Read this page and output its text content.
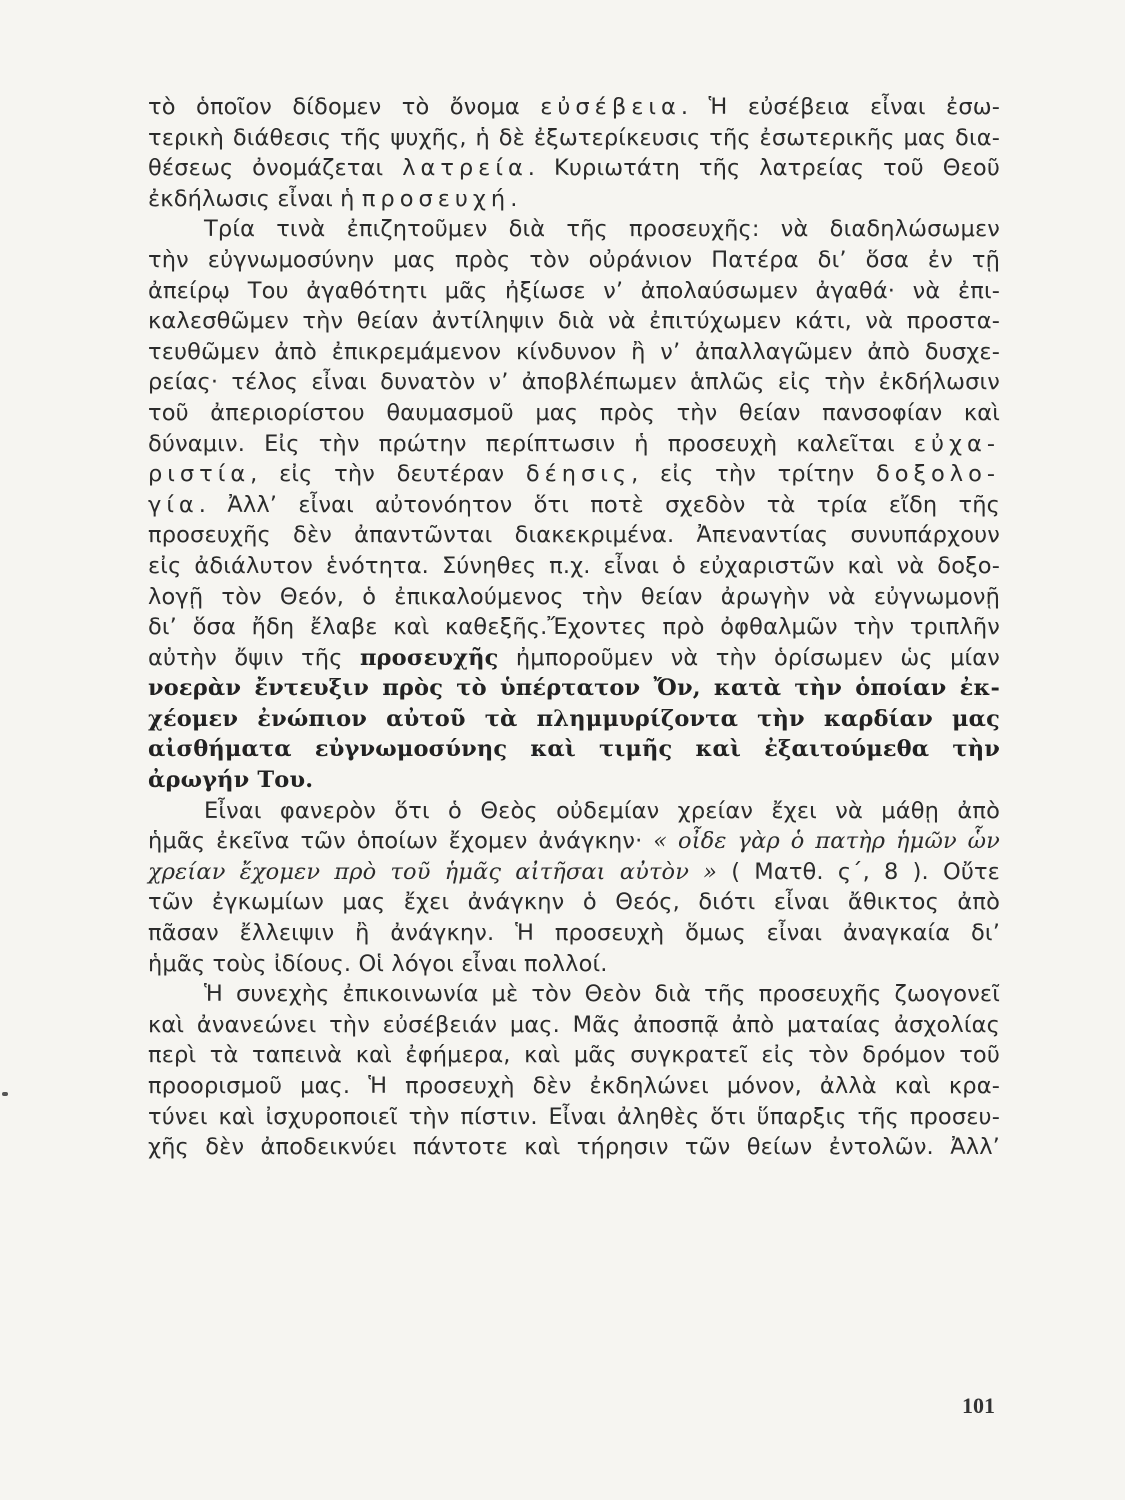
τὸ ὁποῖον δίδομεν τὸ ὄνομα εὐσέβεια. Ἡ εὐσέβεια εἶναι ἐσω-
τερικὴ διάθεσις τῆς ψυχῆς, ἡ δὲ ἐξωτερίκευσις τῆς ἐσωτερικῆς μας δια-
θέσεως ὀνομάζεται λατρεία. Κυριωτάτη τῆς λατρείας τοῦ Θεοῦ
ἐκδήλωσις εἶναι ἡ προσευχή.
Τρία τινὰ ἐπιζητοῦμεν διὰ τῆς προσευχῆς: νὰ διαδηλώσωμεν
τὴν εὐγνωμοσύνην μας πρὸς τὸν οὐράνιον Πατέρα δι’ ὅσα ἐν τῇ
ἀπείρῳ Του ἀγαθότητι μᾶς ἠξίωσε ν’ ἀπολαύσωμεν ἀγαθά· νὰ ἐπι-
καλεσθῶμεν τὴν θείαν ἀντίληψιν διὰ νὰ ἐπιτύχωμεν κάτι, νὰ προστα-
τευθῶμεν ἀπὸ ἐπικρεμάμενον κίνδυνον ἢ ν’ ἀπαλλαγῶμεν ἀπὸ δυσχε-
ρείας· τέλος εἶναι δυνατὸν ν’ ἀποβλέπωμεν ἁπλῶς εἰς τὴν ἐκδήλωσιν
τοῦ ἀπεριορίστου θαυμασμοῦ μας πρὸς τὴν θείαν πανσοφίαν καὶ
δύναμιν. Εἰς τὴν πρώτην περίπτωσιν ἡ προσευχὴ καλεῖται εὐχα-
ριστία, εἰς τὴν δευτέραν δέησις, εἰς τὴν τρίτην δοξολο-
γία. Ἀλλ’ εἶναι αὐτονόητον ὅτι ποτὲ σχεδὸν τὰ τρία εἴδη τῆς
προσευχῆς δὲν ἀπαντῶνται διακεκριμένα. Ἀπεναντίας συνυπάρχουν
εἰς ἀδιάλυτον ἑνότητα. Σύνηθες π.χ. εἶναι ὁ εὐχαριστῶν καὶ νὰ δοξο-
λογῇ τὸν Θεόν, ὁ ἐπικαλούμενος τὴν θείαν ἀρωγὴν νὰ εὐγνωμονῇ
δι’ ὅσα ἤδη ἔλαβε καὶ καθεξῆς.Ἔχοντες πρὸ ὀφθαλμῶν τὴν τριπλῆν
αὐτὴν ὄψιν τῆς προσευχῆς ἠμποροῦμεν νὰ τὴν ὁρίσωμεν ὡς μίαν
νοερὰν ἔντευξιν πρὸς τὸ ὑπέρτατον Ὄν, κατὰ τὴν ὁποίαν ἐκ-
χέομεν ἐνώπιον αὐτοῦ τὰ πλημμυρίζοντα τὴν καρδίαν μας
αἰσθήματα εὐγνωμοσύνης καὶ τιμῆς καὶ ἐξαιτούμεθα τὴν
ἀρωγήν Του.
Εἶναι φανερὸν ὅτι ὁ Θεὸς οὐδεμίαν χρείαν ἔχει νὰ μάθῃ ἀπὸ
ἡμᾶς ἐκεῖνα τῶν ὁποίων ἔχομεν ἀνάγκην· « οἶδε γὰρ ὁ πατὴρ ἡμῶν ὧν
χρείαν ἔχομεν πρὸ τοῦ ἡμᾶς αἰτῆσαι αὐτὸν » ( Ματθ. ς΄, 8 ). Οὔτε
τῶν ἐγκωμίων μας ἔχει ἀνάγκην ὁ Θεός, διότι εἶναι ἄθικτος ἀπὸ
πᾶσαν ἔλλειψιν ἢ ἀνάγκην. Ἡ προσευχὴ ὅμως εἶναι ἀναγκαία δι’
ἡμᾶς τοὺς ἰδίους. Οἱ λόγοι εἶναι πολλοί.
Ἡ συνεχὴς ἐπικοινωνία μὲ τὸν Θεὸν διὰ τῆς προσευχῆς ζωογονεῖ
καὶ ἀνανεώνει τὴν εὐσέβειάν μας. Μᾶς ἀποσπᾷ ἀπὸ ματαίας ἀσχολίας
περὶ τὰ ταπεινὰ καὶ ἐφήμερα, καὶ μᾶς συγκρατεῖ εἰς τὸν δρόμον τοῦ
προορισμοῦ μας. Ἡ προσευχὴ δὲν ἐκδηλώνει μόνον, ἀλλὰ καὶ κρα-
τύνει καὶ ἰσχυροποιεῖ τὴν πίστιν. Εἶναι ἀληθὲς ὅτι ὕπαρξις τῆς προσευ-
χῆς δὲν ἀποδεικνύει πάντοτε καὶ τήρησιν τῶν θείων ἐντολῶν. Ἀλλ’
101
